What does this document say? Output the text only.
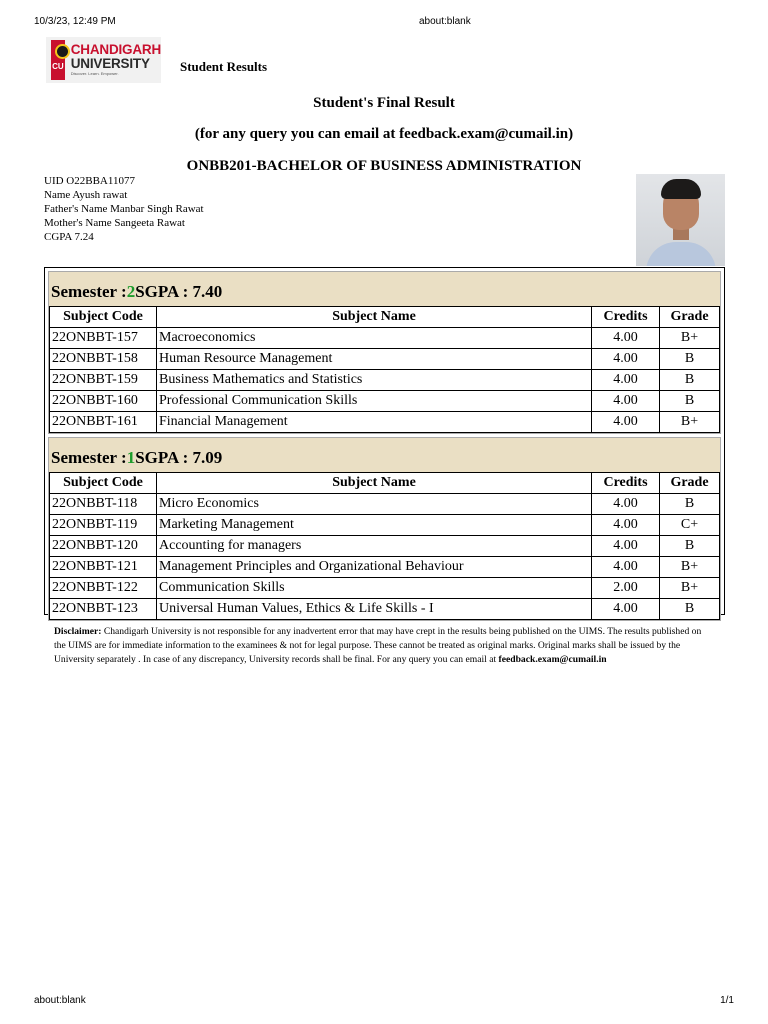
10/3/23, 12:49 PM	about:blank
CU
CHANDIGARH
UNIVERSITY
Discover. Learn. Empower.	Student Results
Student's Final Result
(for any query you can email at feedback.exam@cumail.in)
ONBB201-BACHELOR OF BUSINESS ADMINISTRATION
UID O22BBA11077
Name Ayush rawat
Father's Name Manbar Singh Rawat
Mother's Name Sangeeta Rawat
CGPA 7.24
Semester : 2 SGPA : 7.40
Subject Code	Subject Name	Credits	Grade
22ONBBT-157	Macroeconomics	4.00	B+
22ONBBT-158	Human Resource Management	4.00	B
22ONBBT-159	Business Mathematics and Statistics	4.00	B
22ONBBT-160	Professional Communication Skills	4.00	B
22ONBBT-161	Financial Management	4.00	B+
Semester : 1 SGPA : 7.09
Subject Code	Subject Name	Credits	Grade
22ONBBT-118	Micro Economics	4.00	B
22ONBBT-119	Marketing Management	4.00	C+
22ONBBT-120	Accounting for managers	4.00	B
22ONBBT-121	Management Principles and Organizational Behaviour	4.00	B+
22ONBBT-122	Communication Skills	2.00	B+
22ONBBT-123	Universal Human Values, Ethics & Life Skills - I	4.00	B
Disclaimer: Chandigarh University is not responsible for any inadvertent error that may have crept in the results being published on the UIMS. The results published on the UIMS are for immediate information to the examinees & not for legal purpose. These cannot be treated as original marks. Original marks shall be issued by the University separately . In case of any discrepancy, University records shall be final. For any query you can email at feedback.exam@cumail.in
about:blank	1/1
